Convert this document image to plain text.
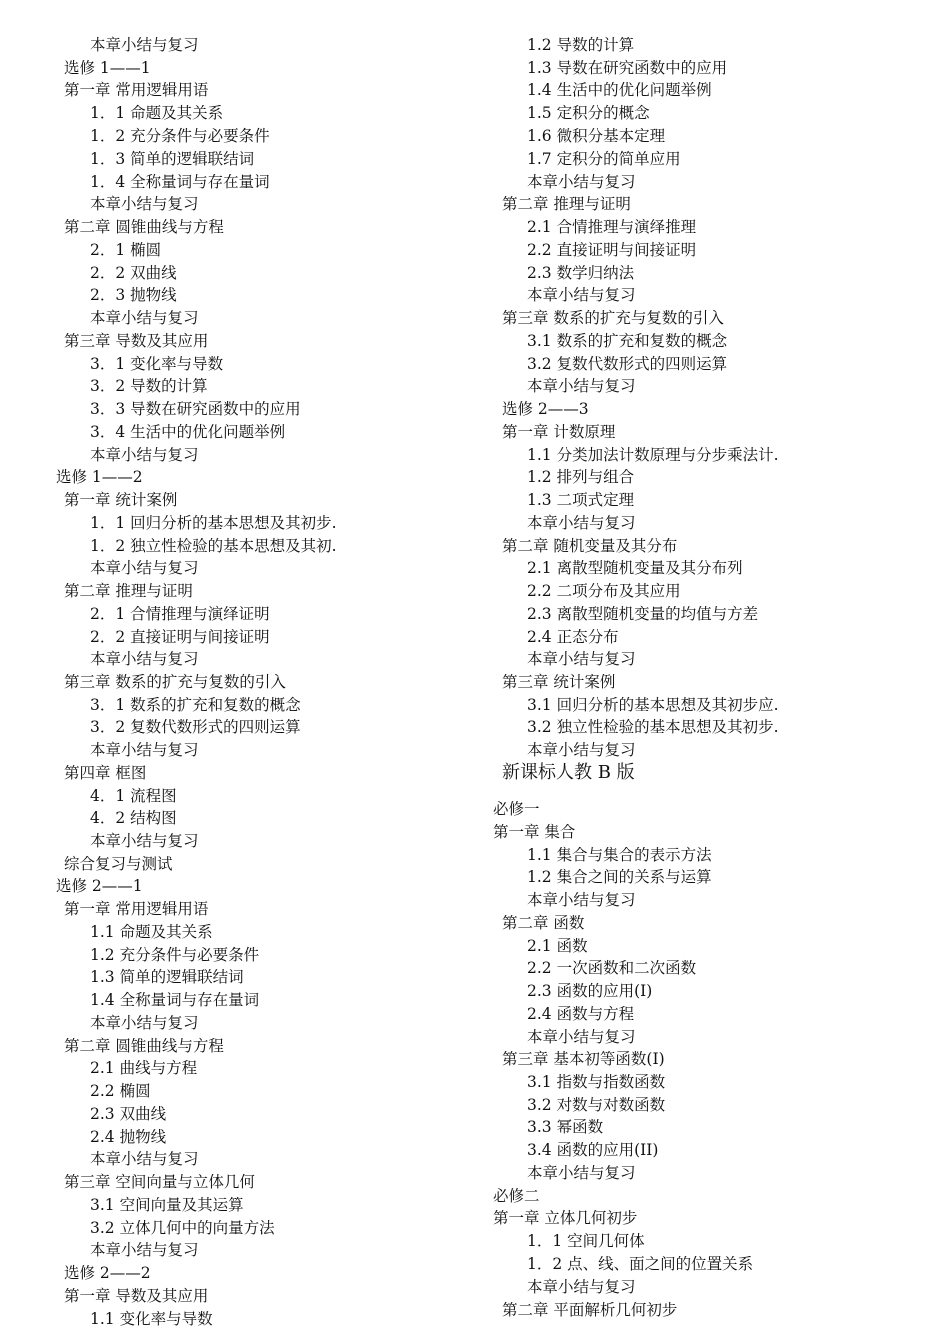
本章小结与复习
选修 1——1
第一章 常用逻辑用语
1．1 命题及其关系
1．2 充分条件与必要条件
1．3 简单的逻辑联结词
1．4 全称量词与存在量词
本章小结与复习
第二章 圆锥曲线与方程
2．1 椭圆
2．2 双曲线
2．3 抛物线
本章小结与复习
第三章 导数及其应用
3．1 变化率与导数
3．2 导数的计算
3．3 导数在研究函数中的应用
3．4 生活中的优化问题举例
本章小结与复习
选修 1——2
第一章 统计案例
1．1 回归分析的基本思想及其初步.
1．2 独立性检验的基本思想及其初.
本章小结与复习
第二章 推理与证明
2．1 合情推理与演绎证明
2．2 直接证明与间接证明
本章小结与复习
第三章 数系的扩充与复数的引入
3．1 数系的扩充和复数的概念
3．2 复数代数形式的四则运算
本章小结与复习
第四章 框图
4．1 流程图
4．2 结构图
本章小结与复习
综合复习与测试
选修 2——1
第一章 常用逻辑用语
1.1 命题及其关系
1.2 充分条件与必要条件
1.3 简单的逻辑联结词
1.4 全称量词与存在量词
本章小结与复习
第二章 圆锥曲线与方程
2.1 曲线与方程
2.2 椭圆
2.3 双曲线
2.4 抛物线
本章小结与复习
第三章 空间向量与立体几何
3.1 空间向量及其运算
3.2 立体几何中的向量方法
本章小结与复习
选修 2——2
第一章 导数及其应用
1.1 变化率与导数
1.2 导数的计算
1.3 导数在研究函数中的应用
1.4 生活中的优化问题举例
1.5 定积分的概念
1.6 微积分基本定理
1.7 定积分的简单应用
本章小结与复习
第二章 推理与证明
2.1 合情推理与演绎推理
2.2 直接证明与间接证明
2.3 数学归纳法
本章小结与复习
第三章 数系的扩充与复数的引入
3.1 数系的扩充和复数的概念
3.2 复数代数形式的四则运算
本章小结与复习
选修 2——3
第一章 计数原理
1.1 分类加法计数原理与分步乘法计.
1.2 排列与组合
1.3 二项式定理
本章小结与复习
第二章 随机变量及其分布
2.1 离散型随机变量及其分布列
2.2 二项分布及其应用
2.3 离散型随机变量的均值与方差
2.4 正态分布
本章小结与复习
第三章 统计案例
3.1 回归分析的基本思想及其初步应.
3.2 独立性检验的基本思想及其初步.
本章小结与复习
新课标人教 B 版
必修一
第一章 集合
1.1 集合与集合的表示方法
1.2 集合之间的关系与运算
本章小结与复习
第二章 函数
2.1 函数
2.2 一次函数和二次函数
2.3 函数的应用(I)
2.4 函数与方程
本章小结与复习
第三章 基本初等函数(I)
3.1 指数与指数函数
3.2 对数与对数函数
3.3 幂函数
3.4 函数的应用(II)
本章小结与复习
必修二
第一章 立体几何初步
1．1 空间几何体
1．2 点、线、面之间的位置关系
本章小结与复习
第二章 平面解析几何初步
